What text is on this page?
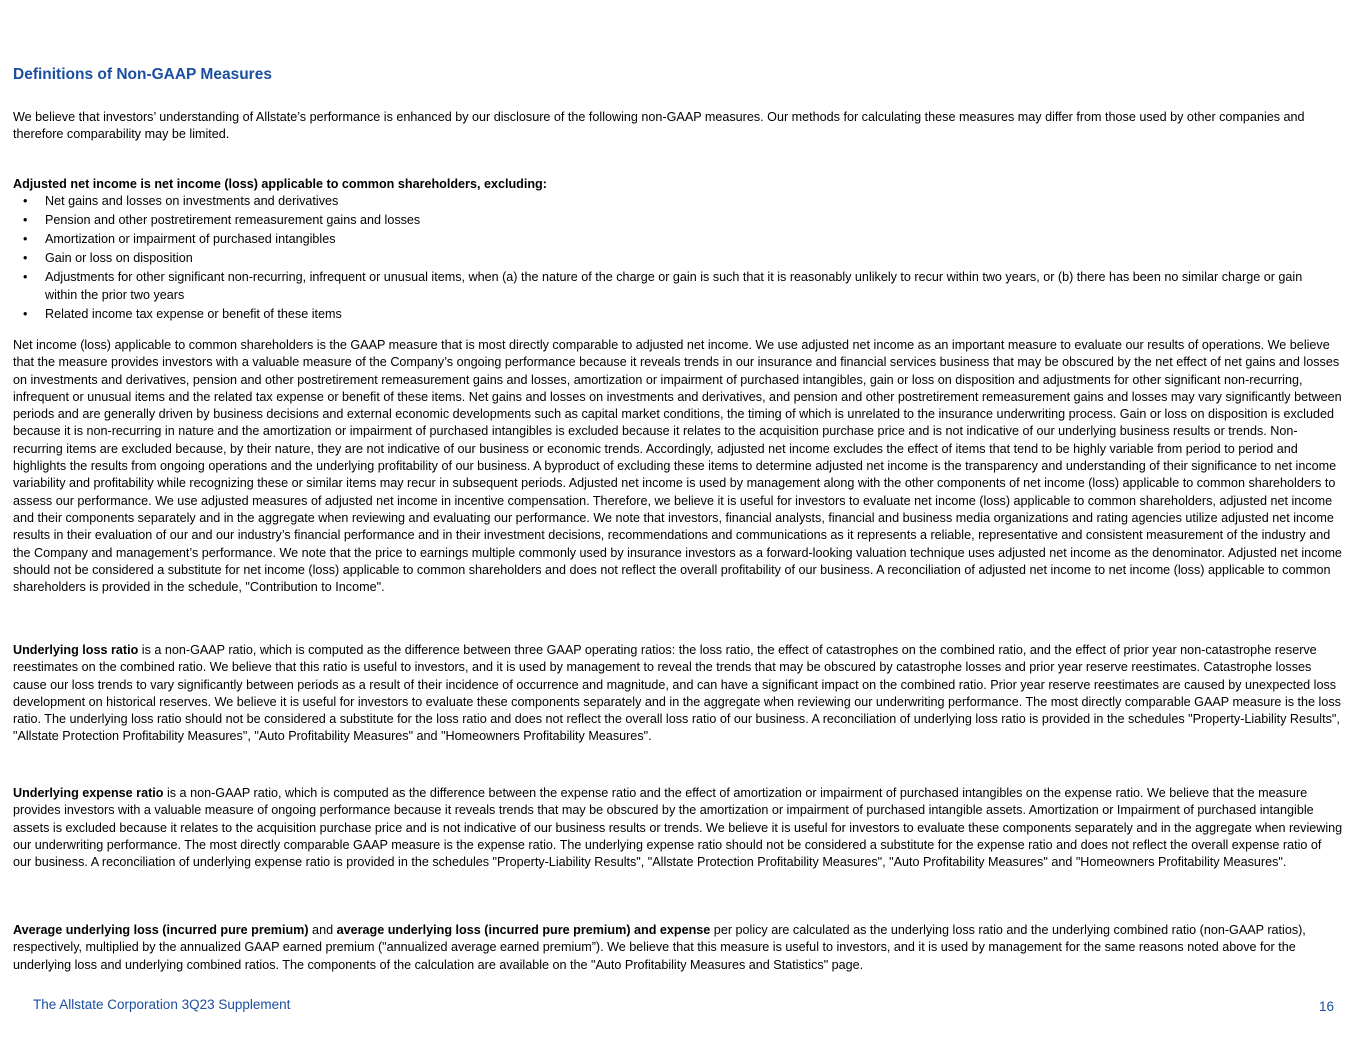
Definitions of Non-GAAP Measures

We believe that investors’ understanding of Allstate’s performance is enhanced by our disclosure of the following non-GAAP measures. Our methods for calculating these measures may differ from those used by other companies and therefore comparability may be limited.

Adjusted net income is net income (loss) applicable to common shareholders, excluding:

• Net gains and losses on investments and derivatives
• Pension and other postretirement remeasurement gains and losses
• Amortization or impairment of purchased intangibles
• Gain or loss on disposition
• Adjustments for other significant non-recurring, infrequent or unusual items, when (a) the nature of the charge or gain is such that it is reasonably unlikely to recur within two years, or (b) there has been no similar charge or gain within the prior two years
• Related income tax expense or benefit of these items

Net income (loss) applicable to common shareholders is the GAAP measure that is most directly comparable to adjusted net income. We use adjusted net income as an important measure to evaluate our results of operations. We believe that the measure provides investors with a valuable measure of the Company’s ongoing performance because it reveals trends in our insurance and financial services business that may be obscured by the net effect of net gains and losses on investments and derivatives, pension and other postretirement remeasurement gains and losses, amortization or impairment of purchased intangibles, gain or loss on disposition and adjustments for other significant non-recurring, infrequent or unusual items and the related tax expense or benefit of these items. Net gains and losses on investments and derivatives, and pension and other postretirement remeasurement gains and losses may vary significantly between periods and are generally driven by business decisions and external economic developments such as capital market conditions, the timing of which is unrelated to the insurance underwriting process. Gain or loss on disposition is excluded because it is non-recurring in nature and the amortization or impairment of purchased intangibles is excluded because it relates to the acquisition purchase price and is not indicative of our underlying business results or trends. Non-recurring items are excluded because, by their nature, they are not indicative of our business or economic trends. Accordingly, adjusted net income excludes the effect of items that tend to be highly variable from period to period and highlights the results from ongoing operations and the underlying profitability of our business. A byproduct of excluding these items to determine adjusted net income is the transparency and understanding of their significance to net income variability and profitability while recognizing these or similar items may recur in subsequent periods. Adjusted net income is used by management along with the other components of net income (loss) applicable to common shareholders to assess our performance. We use adjusted measures of adjusted net income in incentive compensation. Therefore, we believe it is useful for investors to evaluate net income (loss) applicable to common shareholders, adjusted net income and their components separately and in the aggregate when reviewing and evaluating our performance. We note that investors, financial analysts, financial and business media organizations and rating agencies utilize adjusted net income results in their evaluation of our and our industry’s financial performance and in their investment decisions, recommendations and communications as it represents a reliable, representative and consistent measurement of the industry and the Company and management’s performance. We note that the price to earnings multiple commonly used by insurance investors as a forward-looking valuation technique uses adjusted net income as the denominator. Adjusted net income should not be considered a substitute for net income (loss) applicable to common shareholders and does not reflect the overall profitability of our business. A reconciliation of adjusted net income to net income (loss) applicable to common shareholders is provided in the schedule, "Contribution to Income".

Underlying loss ratio is a non-GAAP ratio, which is computed as the difference between three GAAP operating ratios: the loss ratio, the effect of catastrophes on the combined ratio, and the effect of prior year non-catastrophe reserve reestimates on the combined ratio. We believe that this ratio is useful to investors, and it is used by management to reveal the trends that may be obscured by catastrophe losses and prior year reserve reestimates. Catastrophe losses cause our loss trends to vary significantly between periods as a result of their incidence of occurrence and magnitude, and can have a significant impact on the combined ratio. Prior year reserve reestimates are caused by unexpected loss development on historical reserves. We believe it is useful for investors to evaluate these components separately and in the aggregate when reviewing our underwriting performance. The most directly comparable GAAP measure is the loss ratio. The underlying loss ratio should not be considered a substitute for the loss ratio and does not reflect the overall loss ratio of our business. A reconciliation of underlying loss ratio is provided in the schedules "Property-Liability Results", "Allstate Protection Profitability Measures", "Auto Profitability Measures" and "Homeowners Profitability Measures".

Underlying expense ratio is a non-GAAP ratio, which is computed as the difference between the expense ratio and the effect of amortization or impairment of purchased intangibles on the expense ratio. We believe that the measure provides investors with a valuable measure of ongoing performance because it reveals trends that may be obscured by the amortization or impairment of purchased intangible assets. Amortization or Impairment of purchased intangible assets is excluded because it relates to the acquisition purchase price and is not indicative of our business results or trends. We believe it is useful for investors to evaluate these components separately and in the aggregate when reviewing our underwriting performance. The most directly comparable GAAP measure is the expense ratio. The underlying expense ratio should not be considered a substitute for the expense ratio and does not reflect the overall expense ratio of our business. A reconciliation of underlying expense ratio is provided in the schedules "Property-Liability Results", "Allstate Protection Profitability Measures", "Auto Profitability Measures" and "Homeowners Profitability Measures".

Average underlying loss (incurred pure premium) and average underlying loss (incurred pure premium) and expense per policy are calculated as the underlying loss ratio and the underlying combined ratio (non-GAAP ratios), respectively, multiplied by the annualized GAAP earned premium ("annualized average earned premium”). We believe that this measure is useful to investors, and it is used by management for the same reasons noted above for the underlying loss and underlying combined ratios. The components of the calculation are available on the "Auto Profitability Measures and Statistics" page.

The Allstate Corporation 3Q23 Supplement	16
